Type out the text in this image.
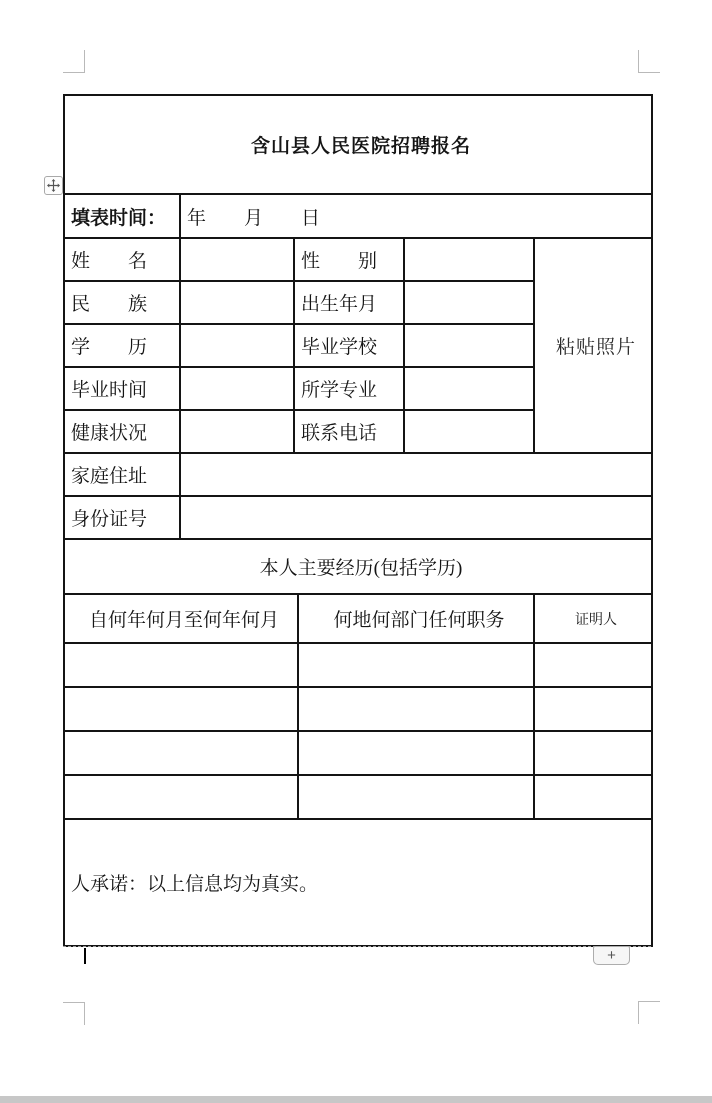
含山县人民医院招聘报名					
填表时间：	年　　月　　日				
姓　　名		性　　别			粘贴照片
民　　族		出生年月			
学　　历		毕业学校			
毕业时间		所学专业			
健康状况		联系电话			
家庭住址					
身份证号					
本人主要经历(包括学历)					
自何年何月至何年何月			何地何部门任何职务		证明人

人承诺：以上信息均为真实。					
+
